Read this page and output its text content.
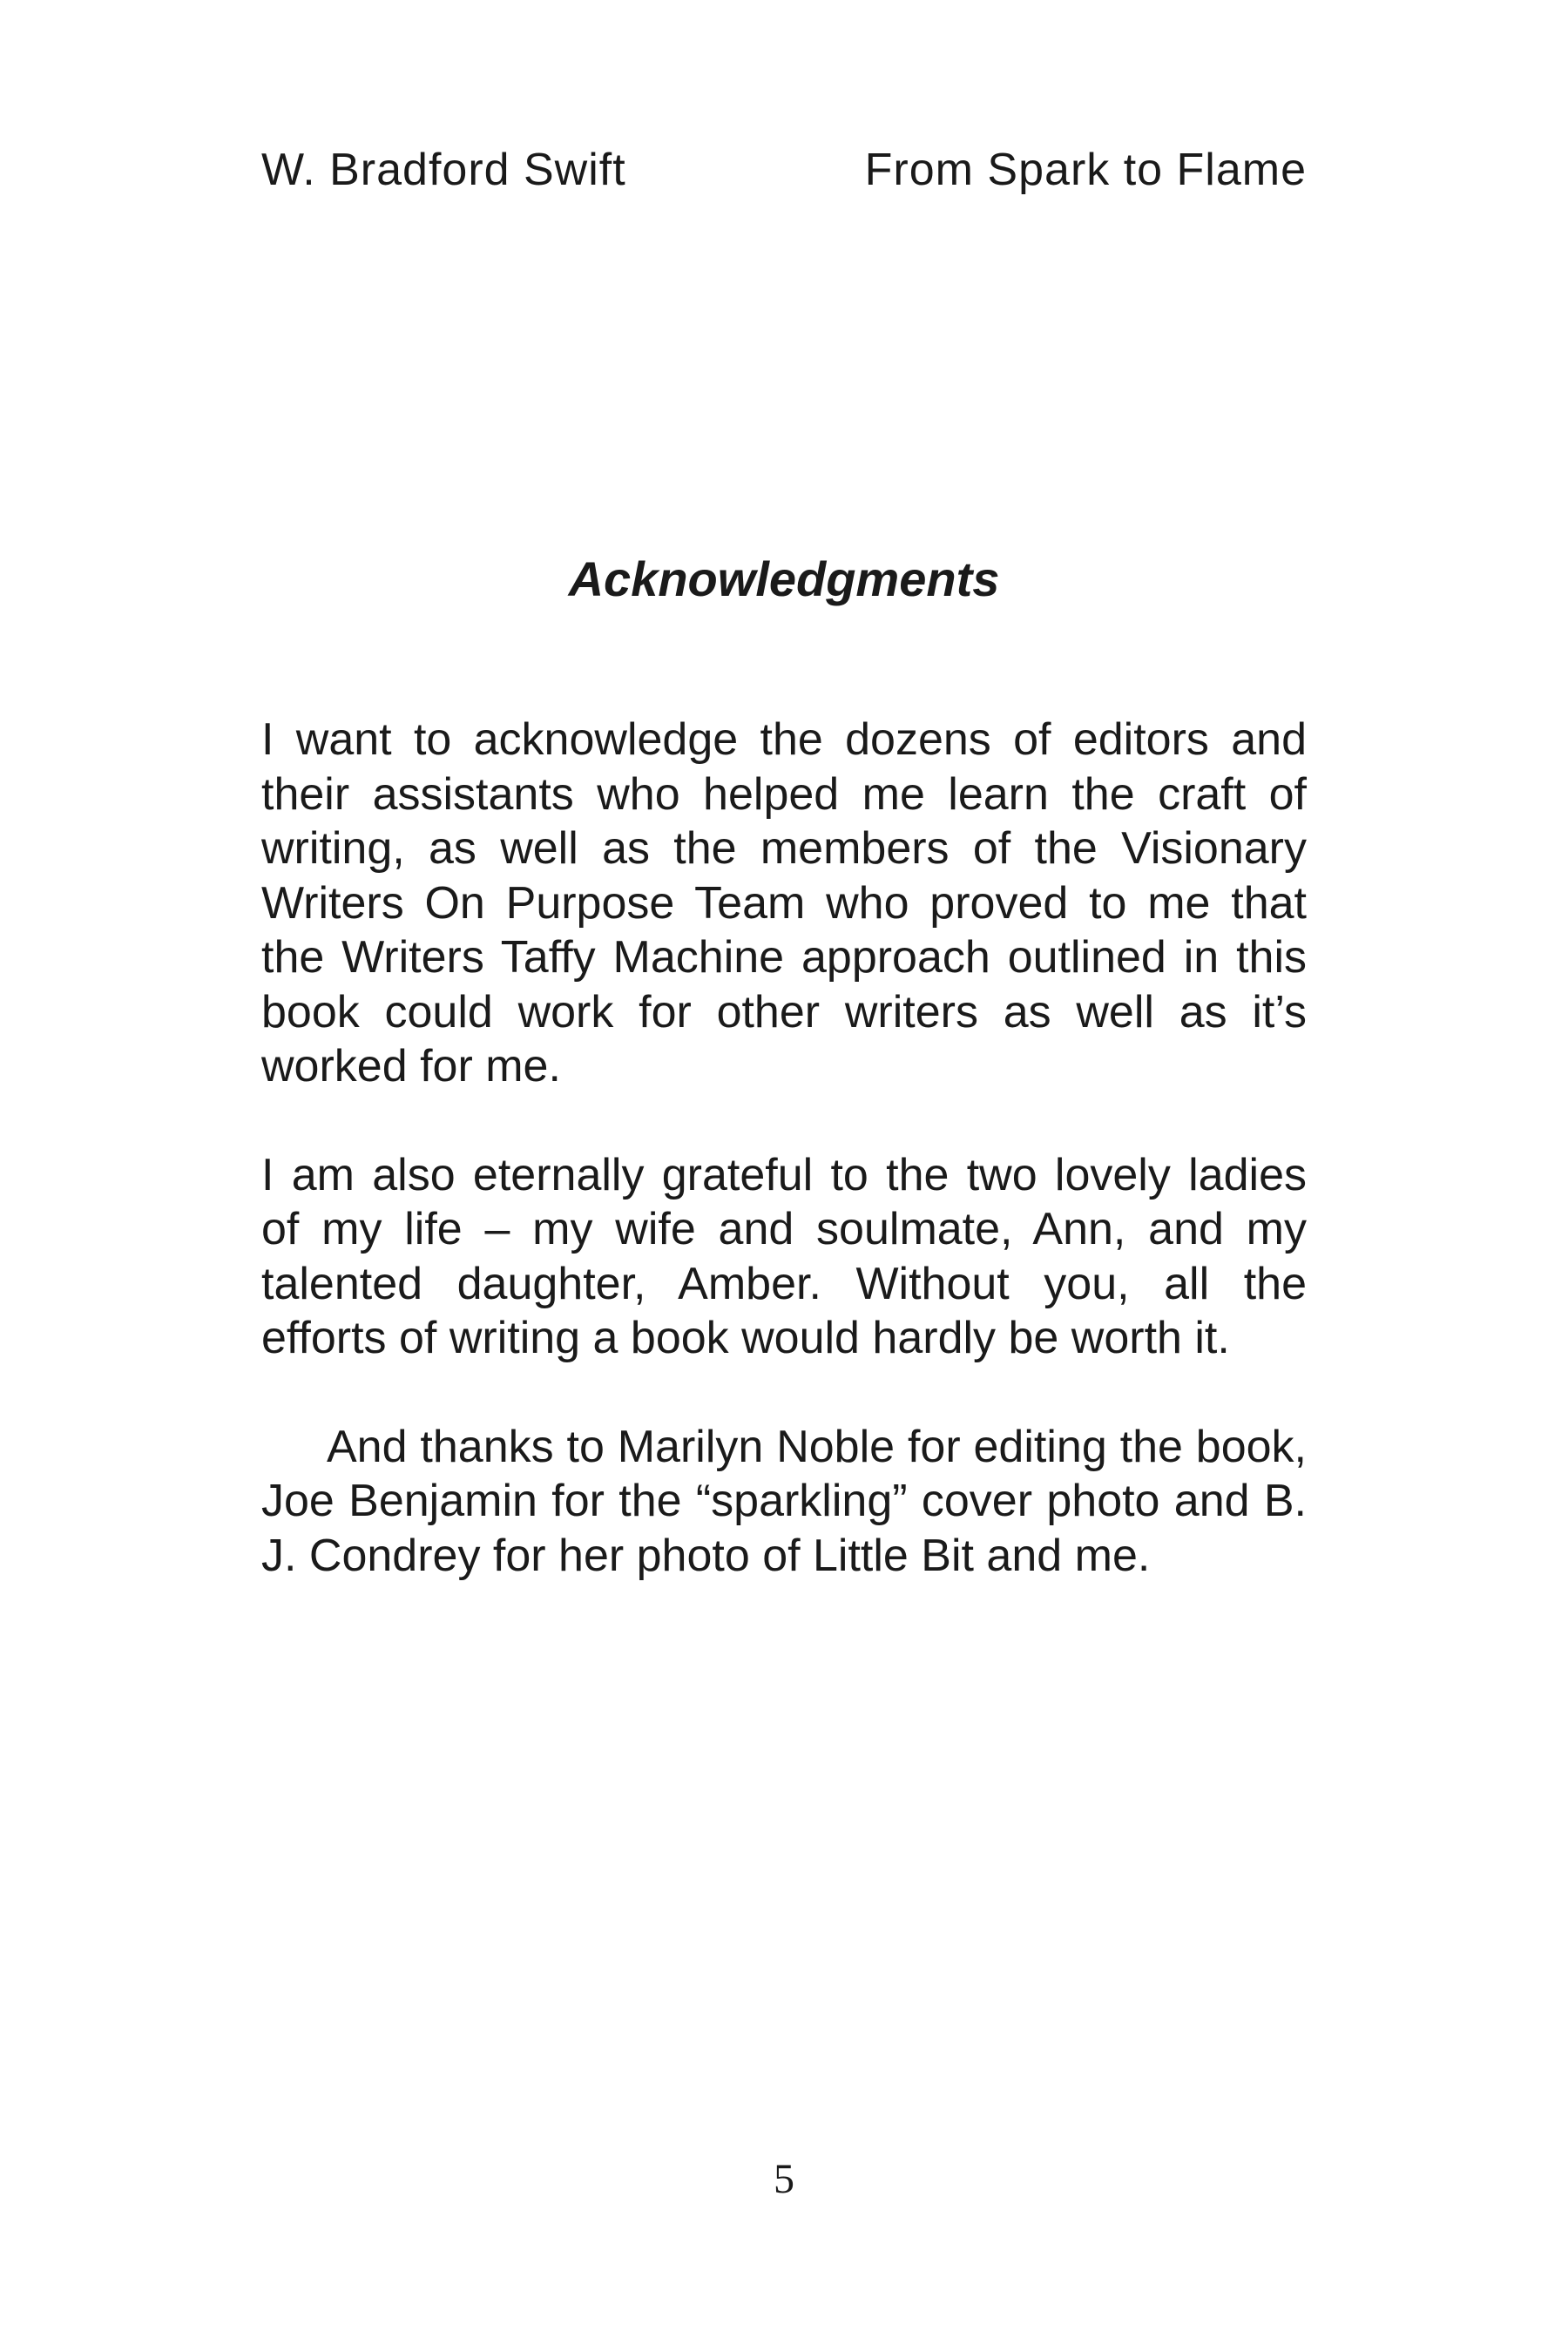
W. Bradford Swift	From Spark to Flame
Acknowledgments

I want to acknowledge the dozens of editors and their assistants who helped me learn the craft of writing, as well as the members of the Visionary Writers On Purpose Team who proved to me that the Writers Taffy Machine approach outlined in this book could work for other writers as well as it’s worked for me.

I am also eternally grateful to the two lovely ladies of my life – my wife and soulmate, Ann, and my talented daughter, Amber. Without you, all the efforts of writing a book would hardly be worth it.

And thanks to Marilyn Noble for editing the book, Joe Benjamin for the “sparkling” cover photo and B. J. Condrey for her photo of Little Bit and me.

5
